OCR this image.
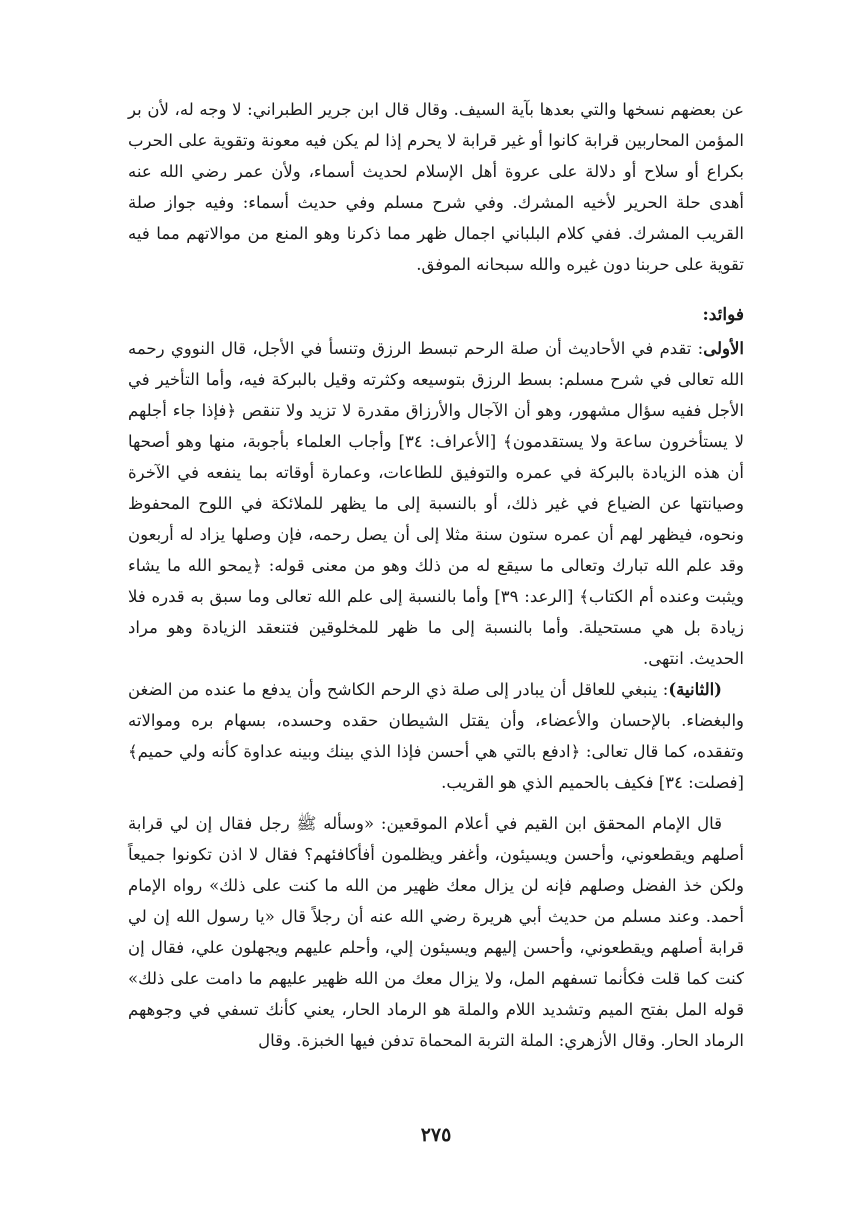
عن بعضهم نسخها والتي بعدها بآية السيف. وقال قال ابن جرير الطبراني: لا وجه له، لأن بر المؤمن المحاربين قرابة كانوا أو غير قرابة لا يحرم إذا لم يكن فيه معونة وتقوية على الحرب بكراع أو سلاح أو دلالة على عروة أهل الإسلام لحديث أسماء، ولأن عمر رضي الله عنه أهدى حلة الحرير لأخيه المشرك. وفي شرح مسلم وفي حديث أسماء: وفيه جواز صلة القريب المشرك. ففي كلام البلباني اجمال ظهر مما ذكرنا وهو المنع من موالاتهم مما فيه تقوية على حربنا دون غيره والله سبحانه الموفق.

فوائد:

الأولى: تقدم في الأحاديث أن صلة الرحم تبسط الرزق وتنسأ في الأجل، قال النووي رحمه الله تعالى في شرح مسلم: بسط الرزق بتوسيعه وكثرته وقيل بالبركة فيه، وأما التأخير في الأجل ففيه سؤال مشهور، وهو أن الآجال والأرزاق مقدرة لا تزيد ولا تنقص ﴿فإذا جاء أجلهم لا يستأخرون ساعة ولا يستقدمون﴾ [الأعراف: ٣٤] وأجاب العلماء بأجوبة، منها وهو أصحها أن هذه الزيادة بالبركة في عمره والتوفيق للطاعات، وعمارة أوقاته بما ينفعه في الآخرة وصيانتها عن الضياع في غير ذلك، أو بالنسبة إلى ما يظهر للملائكة في اللوح المحفوظ ونحوه، فيظهر لهم أن عمره ستون سنة مثلا إلى أن يصل رحمه، فإن وصلها يزاد له أربعون وقد علم الله تبارك وتعالى ما سيقع له من ذلك وهو من معنى قوله: ﴿يمحو الله ما يشاء ويثبت وعنده أم الكتاب﴾ [الرعد: ٣٩] وأما بالنسبة إلى علم الله تعالى وما سبق به قدره فلا زيادة بل هي مستحيلة. وأما بالنسبة إلى ما ظهر للمخلوقين فتنعقد الزيادة وهو مراد الحديث. انتهى.

(الثانية): ينبغي للعاقل أن يبادر إلى صلة ذي الرحم الكاشح وأن يدفع ما عنده من الضغن والبغضاء. بالإحسان والأعضاء، وأن يقتل الشيطان حقده وحسده، بسهام بره وموالاته وتفقده، كما قال تعالى: ﴿ادفع بالتي هي أحسن فإذا الذي بينك وبينه عداوة كأنه ولي حميم﴾ [فصلت: ٣٤] فكيف بالحميم الذي هو القريب.

قال الإمام المحقق ابن القيم في أعلام الموقعين: «وسأله ﷺ رجل فقال إن لي قرابة أصلهم ويقطعوني، وأحسن ويسيئون، وأغفر ويظلمون أفأكافئهم؟ فقال لا اذن تكونوا جميعاً ولكن خذ الفضل وصلهم فإنه لن يزال معك ظهير من الله ما كنت على ذلك» رواه الإمام أحمد. وعند مسلم من حديث أبي هريرة رضي الله عنه أن رجلاً قال «يا رسول الله إن لي قرابة أصلهم ويقطعوني، وأحسن إليهم ويسيئون إلي، وأحلم عليهم ويجهلون علي، فقال إن كنت كما قلت فكأنما تسفهم المل، ولا يزال معك من الله ظهير عليهم ما دامت على ذلك» قوله المل بفتح الميم وتشديد اللام والملة هو الرماد الحار، يعني كأنك تسفي في وجوههم الرماد الحار. وقال الأزهري: الملة التربة المحماة تدفن فيها الخبزة. وقال

٢٧٥
